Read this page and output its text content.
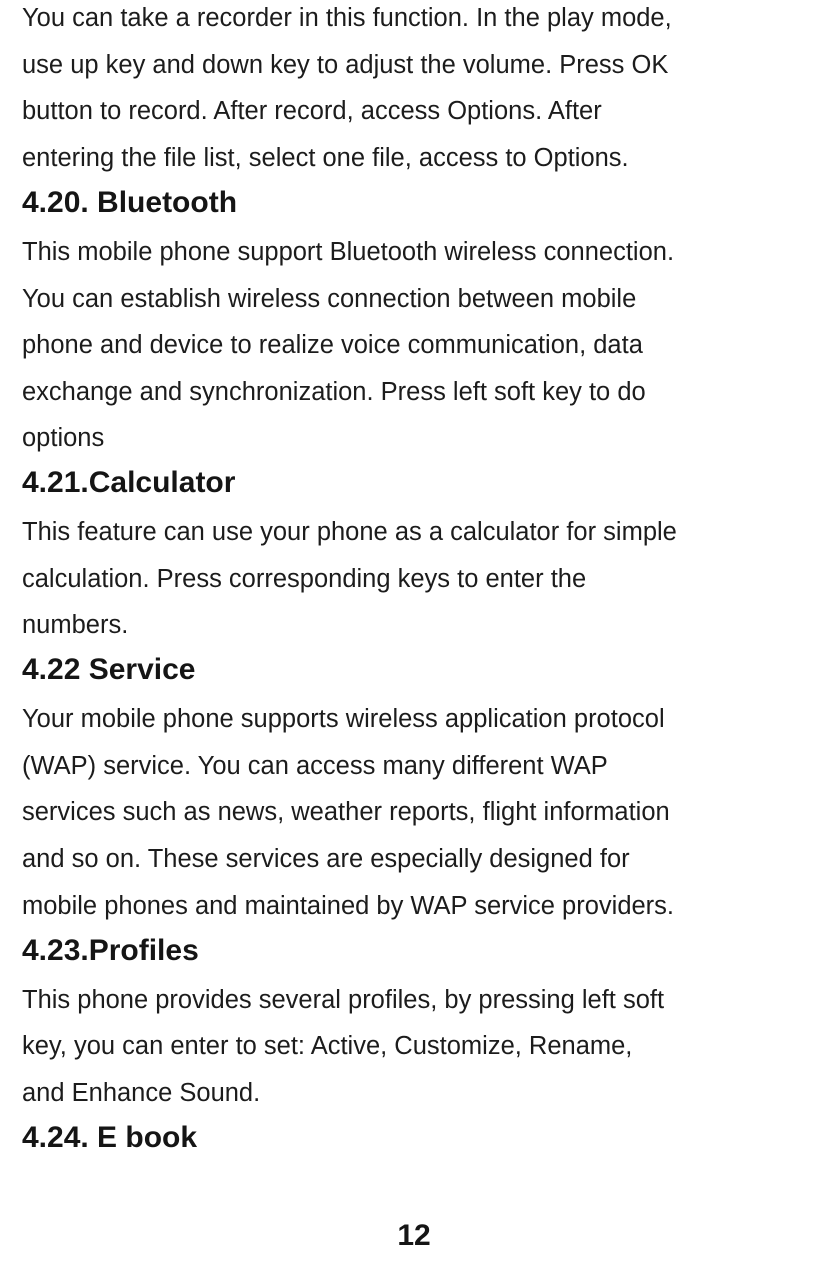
You can take a recorder in this function. In the play mode,
use up key and down key to adjust the volume. Press OK
button to record. After record, access Options. After
entering the file list, select one file, access to Options.
4.20. Bluetooth
This mobile phone support Bluetooth wireless connection.
You can establish wireless connection between mobile
phone and device to realize voice communication, data
exchange and synchronization. Press left soft key to do
options
4.21.Calculator
This feature can use your phone as a calculator for simple
calculation. Press corresponding keys to enter the
numbers.
4.22 Service
Your mobile phone supports wireless application protocol
(WAP) service. You can access many different WAP
services such as news, weather reports, flight information
and so on. These services are especially designed for
mobile phones and maintained by WAP service providers.
4.23.Profiles
This phone provides several profiles, by pressing left soft
key, you can enter to set: Active, Customize, Rename,
and Enhance Sound.
4.24. E book
12
